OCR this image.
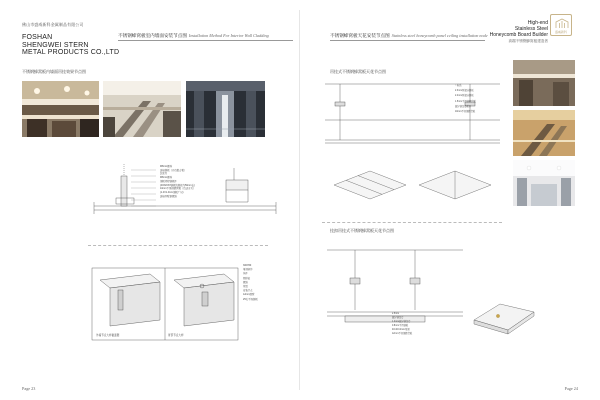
佛山市盛威新科金属制品有限公司
FOSHAN
SHENGWEI STERN
METAL PRODUCTS CO.,LTD
不锈钢蜂窝板室内墙面安装节点图 Installation Method For Interior Wall Cladding
不锈钢蜂窝板内墙面吊挂效果节点图
M8mm螺栓
连接钢板（外包组合板）
副龙骨
M8mm螺栓
钢板背附钢板件
(40X20X3钢板的规格为50mm长)
10mm不锈钢蜂窝板（包边方式）
(1.4X1.4mm钢板厂吊)
连接件配套螺丝
300X50
角钢制作
挂件
圆形镜
螺丝
背固
安装节点
12mm蜂窝
25孔不锈钢板
外墙节点大样截面图	背部节点大样
Page 23
不锈钢蜂窝板天花安装节点图 Stainless steel honeycomb panel ceiling installation node
High-end
Stainless Steel
Honeycomb Board Builder
高端不锈钢蜂窝板建造者
盛威新科
吊挂式不锈钢蜂窝板天花节点图
↑ 标高
2.3mm厚镀锌钢板
2.4mm厚镀锌钢板
1.5mm不锈钢蜂窝板
镀锌钢龙骨配件
10mm不锈钢蜂窝板
挂扣吊挂式不锈钢蜂窝板天花节点图
2.5mm
镀锌钢龙骨
1.2mm镀锌钢龙骨
0.8mm不锈钢板
40×40×2mm角钢
12mm不锈钢蜂窝板
Page 24
